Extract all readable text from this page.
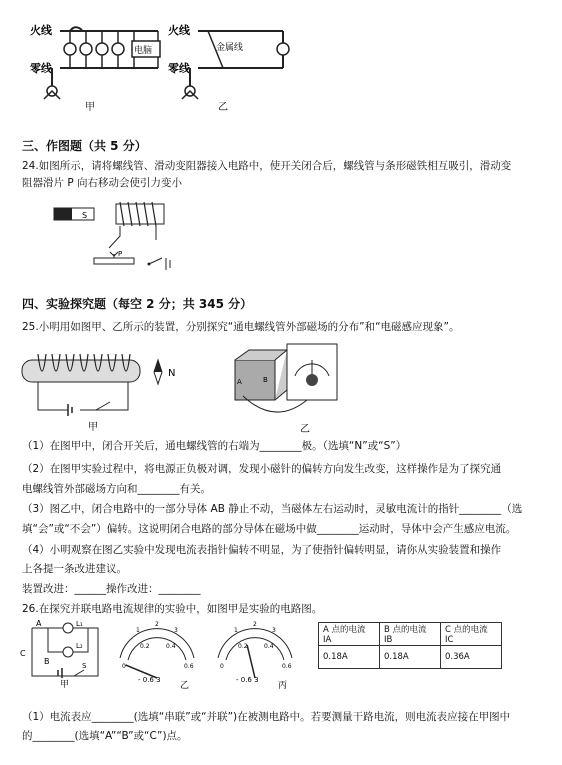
火线
零线
电脑
甲
火线
零线
金属线
乙
三、作图题（共 5 分）
24.如图所示，请将螺线管、滑动变阻器接入电路中，使开关闭合后，螺线管与条形磁铁相互吸引，滑动变
阻器滑片 P 向右移动会使引力变小
S
P
四、实验探究题（每空 2 分；共 345 分）
25.小明用如图甲、乙所示的装置，分别探究“通电螺线管外部磁场的分布”和“电磁感应现象”。
N
甲
A	B
乙
（1）在图甲中，闭合开关后，通电螺线管的右端为________极。（选填“N”或“S”）
（2）在图甲实验过程中，将电源正负极对调，发现小磁针的偏转方向发生改变，这样操作是为了探究通
电螺线管外部磁场方向和________有关。
（3）图乙中，闭合电路中的一部分导体 AB 静止不动，当磁体左右运动时，灵敏电流计的指针________（选
填“会”或“不会”）偏转。这说明闭合电路的部分导体在磁场中做________运动时，导体中会产生感应电流。
（4）小明观察在图乙实验中发现电流表指针偏转不明显，为了使指针偏转明显，请你从实验装置和操作
上各提一条改进建议。
装置改进：______操作改进：________
26.在探究并联电路电流规律的实验中，如图甲是实验的电路图。
A
B
C
L₁
L₂
S
甲
0
0.2	0.4
0.6
1
2
3
- 0.6 3
乙
0
0.2	0.4
0.6
1
2
3
- 0.6 3
丙
A 点的电流 IA	B 点的电流 IB	C 点的电流 IC
0.18A	0.18A	0.36A
（1）电流表应________(选填“串联”或“并联”)在被测电路中。若要测量干路电流，则电流表应接在甲图中
的________(选填“A”“B”或“C”)点。
